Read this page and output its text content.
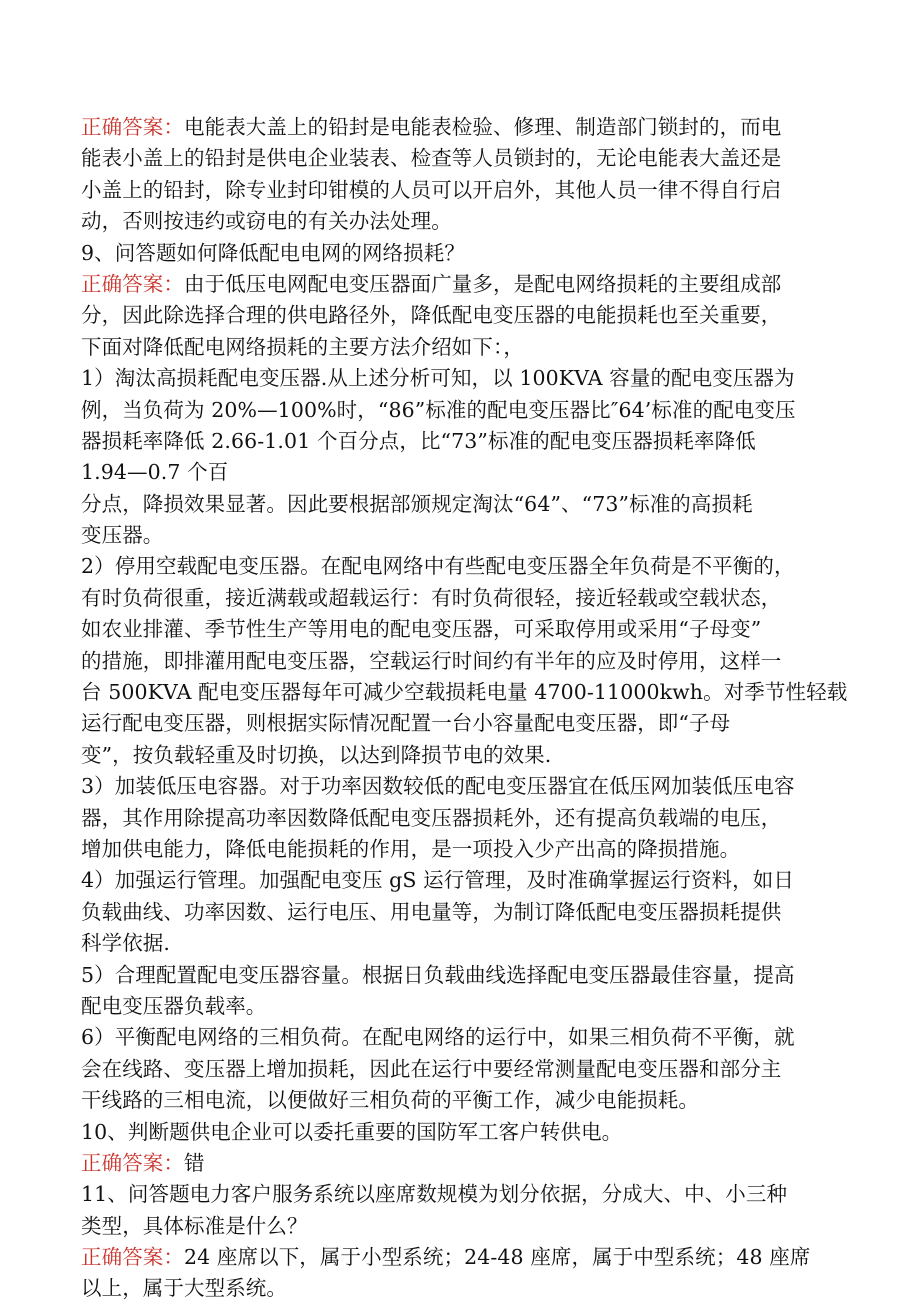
正确答案：电能表大盖上的铅封是电能表检验、修理、制造部门锁封的，而电
能表小盖上的铅封是供电企业装表、检查等人员锁封的，无论电能表大盖还是
小盖上的铅封，除专业封印钳模的人员可以开启外，其他人员一律不得自行启
动，否则按违约或窃电的有关办法处理。
9、问答题如何降低配电电网的网络损耗？
正确答案：由于低压电网配电变压器面广量多，是配电网络损耗的主要组成部
分，因此除选择合理的供电路径外，降低配电变压器的电能损耗也至关重要，
下面对降低配电网络损耗的主要方法介绍如下：，
1）淘汰高损耗配电变压器.从上述分析可知，以 100KVA 容量的配电变压器为
例，当负荷为 20%—100%时，“86”标准的配电变压器比″64’标准的配电变压
器损耗率降低 2.66-1.01 个百分点，比“73”标准的配电变压器损耗率降低
1.94—0.7 个百
分点，降损效果显著。因此要根据部颁规定淘汰“64”、“73”标准的高损耗
变压器。
2）停用空载配电变压器。在配电网络中有些配电变压器全年负荷是不平衡的，
有时负荷很重，接近满载或超载运行：有时负荷很轻，接近轻载或空载状态，
如农业排灌、季节性生产等用电的配电变压器，可采取停用或采用“子母变”
的措施，即排灌用配电变压器，空载运行时间约有半年的应及时停用，这样一
台 500KVA 配电变压器每年可减少空载损耗电量 4700-11000kwh。对季节性轻载
运行配电变压器，则根据实际情况配置一台小容量配电变压器，即“子母
变”，按负载轻重及时切换，以达到降损节电的效果.
3）加装低压电容器。对于功率因数较低的配电变压器宜在低压网加装低压电容
器，其作用除提高功率因数降低配电变压器损耗外，还有提高负载端的电压，
增加供电能力，降低电能损耗的作用，是一项投入少产出高的降损措施。
4）加强运行管理。加强配电变压 gS 运行管理，及时准确掌握运行资料，如日
负载曲线、功率因数、运行电压、用电量等，为制订降低配电变压器损耗提供
科学依据.
5）合理配置配电变压器容量。根据日负载曲线选择配电变压器最佳容量，提高
配电变压器负载率。
6）平衡配电网络的三相负荷。在配电网络的运行中，如果三相负荷不平衡，就
会在线路、变压器上增加损耗，因此在运行中要经常测量配电变压器和部分主
干线路的三相电流，以便做好三相负荷的平衡工作，减少电能损耗。
10、判断题供电企业可以委托重要的国防军工客户转供电。
正确答案：错
11、问答题电力客户服务系统以座席数规模为划分依据，分成大、中、小三种
类型，具体标准是什么？
正确答案：24 座席以下，属于小型系统；24-48 座席，属于中型系统；48 座席
以上，属于大型系统。
